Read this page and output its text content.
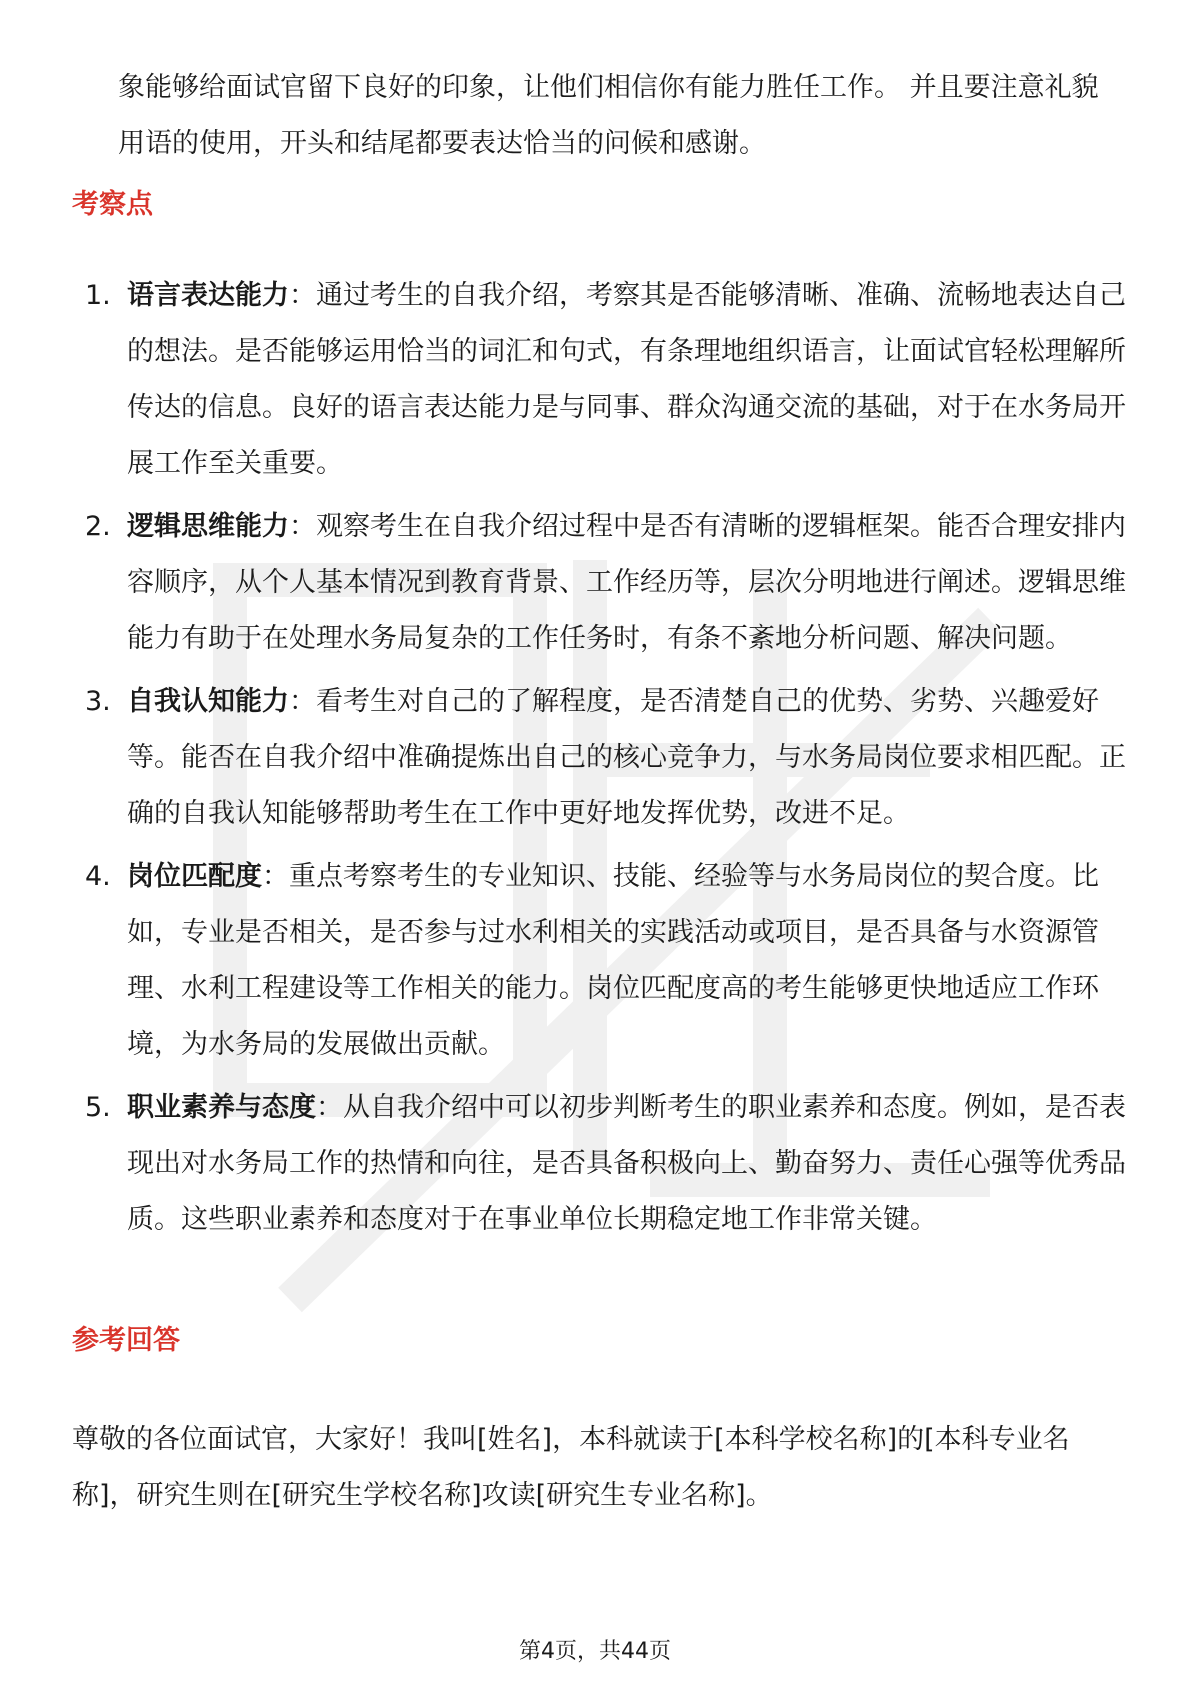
象能够给面试官留下良好的印象，让他们相信你有能力胜任工作。 并且要注意礼貌用语的使用，开头和结尾都要表达恰当的问候和感谢。

考察点
1. 语言表达能力：通过考生的自我介绍，考察其是否能够清晰、准确、流畅地表达自己的想法。是否能够运用恰当的词汇和句式，有条理地组织语言，让面试官轻松理解所传达的信息。良好的语言表达能力是与同事、群众沟通交流的基础，对于在水务局开展工作至关重要。
2. 逻辑思维能力：观察考生在自我介绍过程中是否有清晰的逻辑框架。能否合理安排内容顺序，从个人基本情况到教育背景、工作经历等，层次分明地进行阐述。逻辑思维能力有助于在处理水务局复杂的工作任务时，有条不紊地分析问题、解决问题。
3. 自我认知能力：看考生对自己的了解程度，是否清楚自己的优势、劣势、兴趣爱好等。能否在自我介绍中准确提炼出自己的核心竞争力，与水务局岗位要求相匹配。正确的自我认知能够帮助考生在工作中更好地发挥优势，改进不足。
4. 岗位匹配度：重点考察考生的专业知识、技能、经验等与水务局岗位的契合度。比如，专业是否相关，是否参与过水利相关的实践活动或项目，是否具备与水资源管理、水利工程建设等工作相关的能力。岗位匹配度高的考生能够更快地适应工作环境，为水务局的发展做出贡献。
5. 职业素养与态度：从自我介绍中可以初步判断考生的职业素养和态度。例如，是否表现出对水务局工作的热情和向往，是否具备积极向上、勤奋努力、责任心强等优秀品质。这些职业素养和态度对于在事业单位长期稳定地工作非常关键。
参考回答

尊敬的各位面试官，大家好！我叫[姓名]，本科就读于[本科学校名称]的[本科专业名称]，研究生则在[研究生学校名称]攻读[研究生专业名称]。

第4页，共44页
